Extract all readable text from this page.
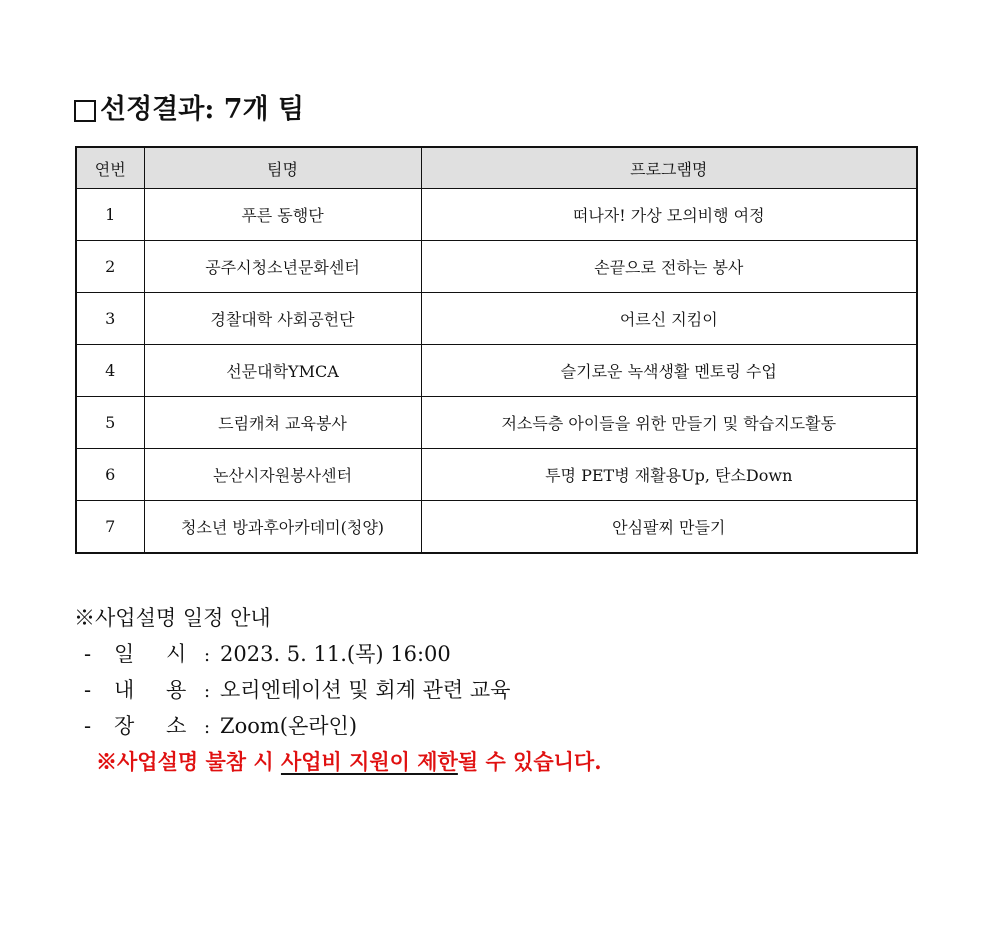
선정결과: 7개 팀
연번	팀명	프로그램명
1	푸른 동행단	떠나자! 가상 모의비행 여정
2	공주시청소년문화센터	손끝으로 전하는 봉사
3	경찰대학 사회공헌단	어르신 지킴이
4	선문대학YMCA	슬기로운 녹색생활 멘토링 수업
5	드림캐쳐 교육봉사	저소득층 아이들을 위한 만들기 및 학습지도활동
6	논산시자원봉사센터	투명 PET병 재활용Up, 탄소Down
7	청소년 방과후아카데미(청양)	안심팔찌 만들기
※사업설명 일정 안내
- 일 시 : 2023. 5. 11.(목) 16:00
- 내 용 : 오리엔테이션 및 회계 관련 교육
- 장 소 : Zoom(온라인)
※사업설명 불참 시 사업비 지원이 제한될 수 있습니다.
